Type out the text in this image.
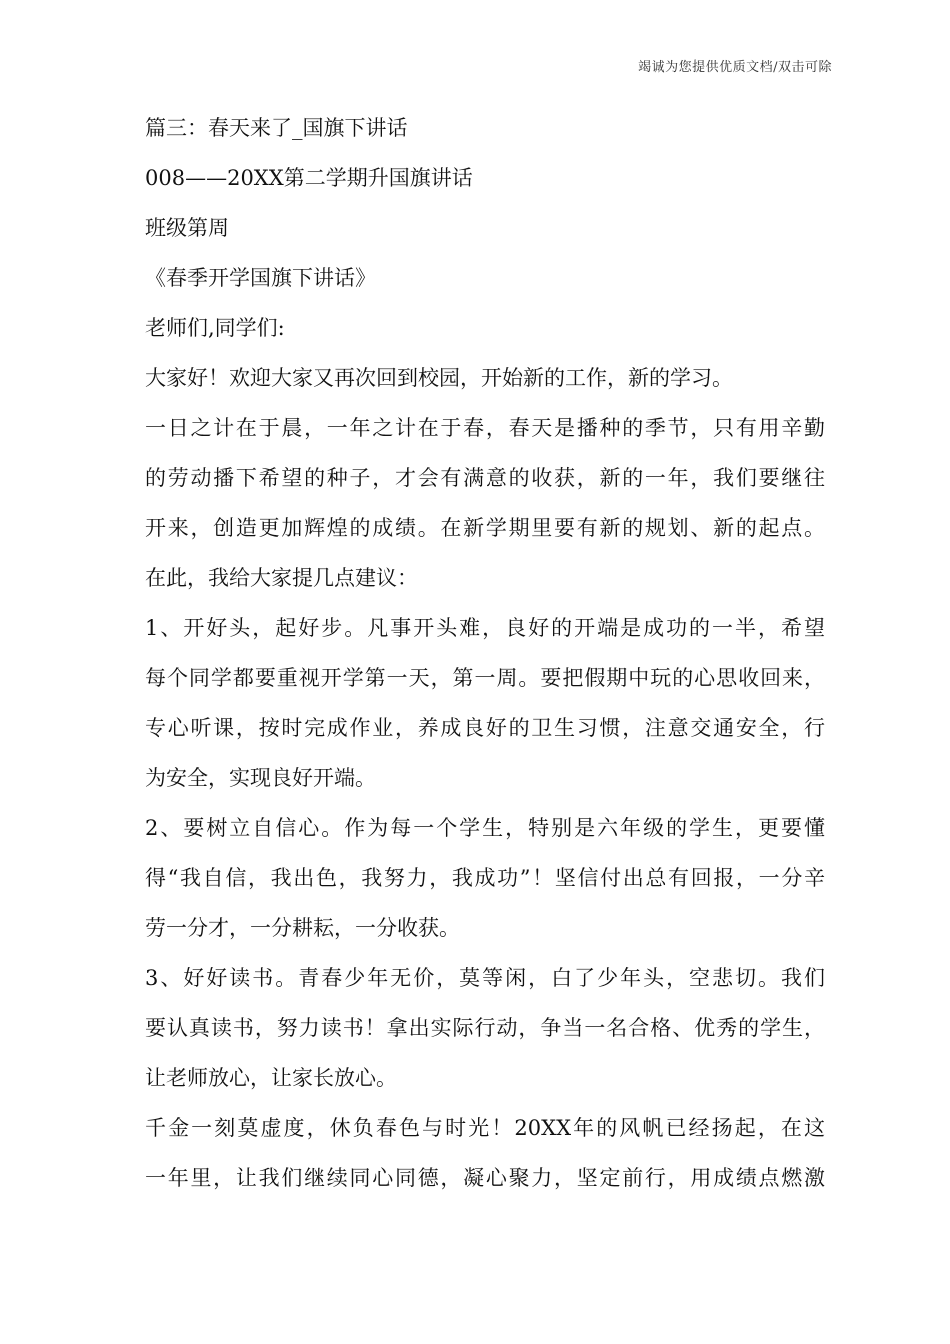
竭诚为您提供优质文档/双击可除
篇三：春天来了_国旗下讲话
008——20XX第二学期升国旗讲话
班级第周
《春季开学国旗下讲话》
老师们,同学们:
大家好！欢迎大家又再次回到校园，开始新的工作，新的学习。
一日之计在于晨，一年之计在于春，春天是播种的季节，只有用辛勤
的劳动播下希望的种子，才会有满意的收获，新的一年，我们要继往
开来，创造更加辉煌的成绩。在新学期里要有新的规划、新的起点。
在此，我给大家提几点建议：
1、开好头，起好步。凡事开头难，良好的开端是成功的一半，希望
每个同学都要重视开学第一天，第一周。要把假期中玩的心思收回来，
专心听课，按时完成作业，养成良好的卫生习惯，注意交通安全，行
为安全，实现良好开端。
2、要树立自信心。作为每一个学生，特别是六年级的学生，更要懂
得“我自信，我出色，我努力，我成功”！坚信付出总有回报，一分辛
劳一分才，一分耕耘，一分收获。
3、好好读书。青春少年无价，莫等闲，白了少年头，空悲切。我们
要认真读书，努力读书！拿出实际行动，争当一名合格、优秀的学生，
让老师放心，让家长放心。
千金一刻莫虚度，休负春色与时光！20XX年的风帆已经扬起，在这
一年里，让我们继续同心同德，凝心聚力，坚定前行，用成绩点燃激
